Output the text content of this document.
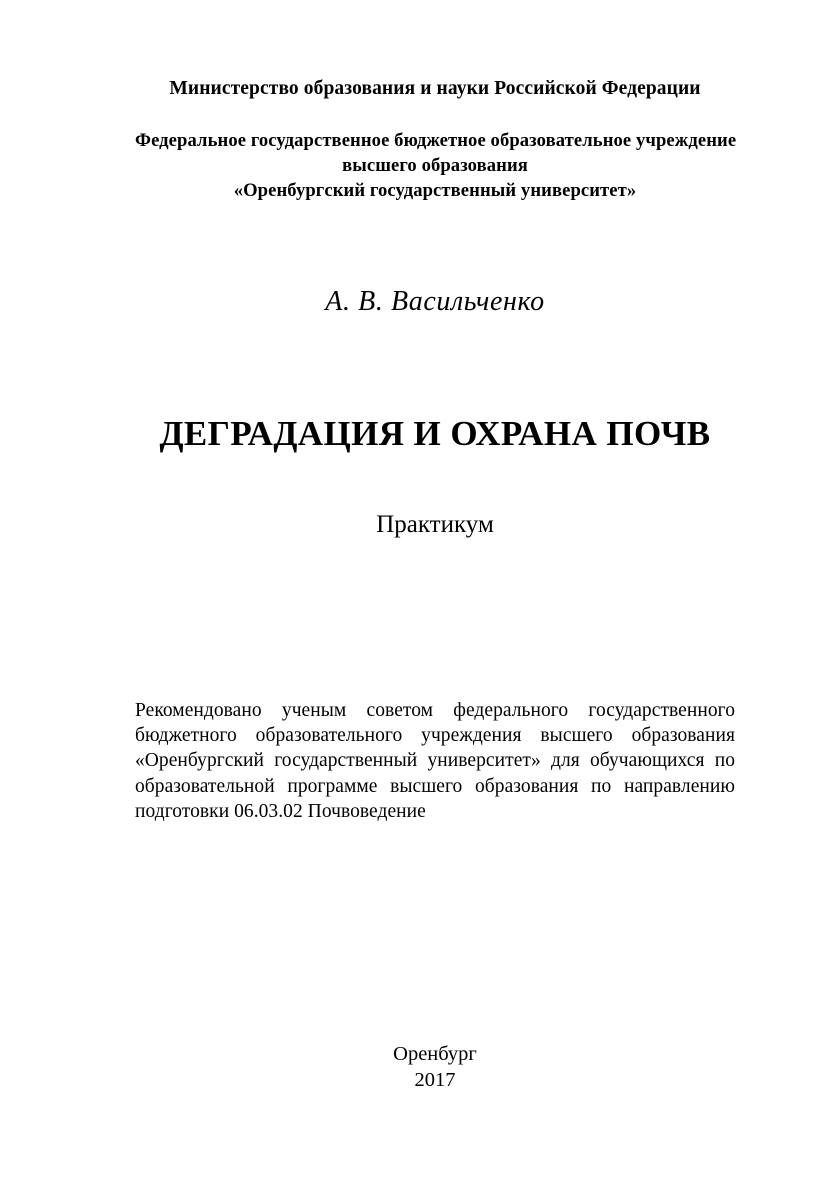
Министерство образования и науки Российской Федерации
Федеральное государственное бюджетное образовательное учреждение
высшего образования
«Оренбургский государственный университет»
А. В. Васильченко
ДЕГРАДАЦИЯ И ОХРАНА ПОЧВ
Практикум

Рекомендовано ученым советом федерального государственного бюджетного образовательного учреждения высшего образования «Оренбургский государственный университет» для обучающихся по образовательной программе высшего образования по направлению подготовки 06.03.02 Почвоведение

Оренбург
2017
